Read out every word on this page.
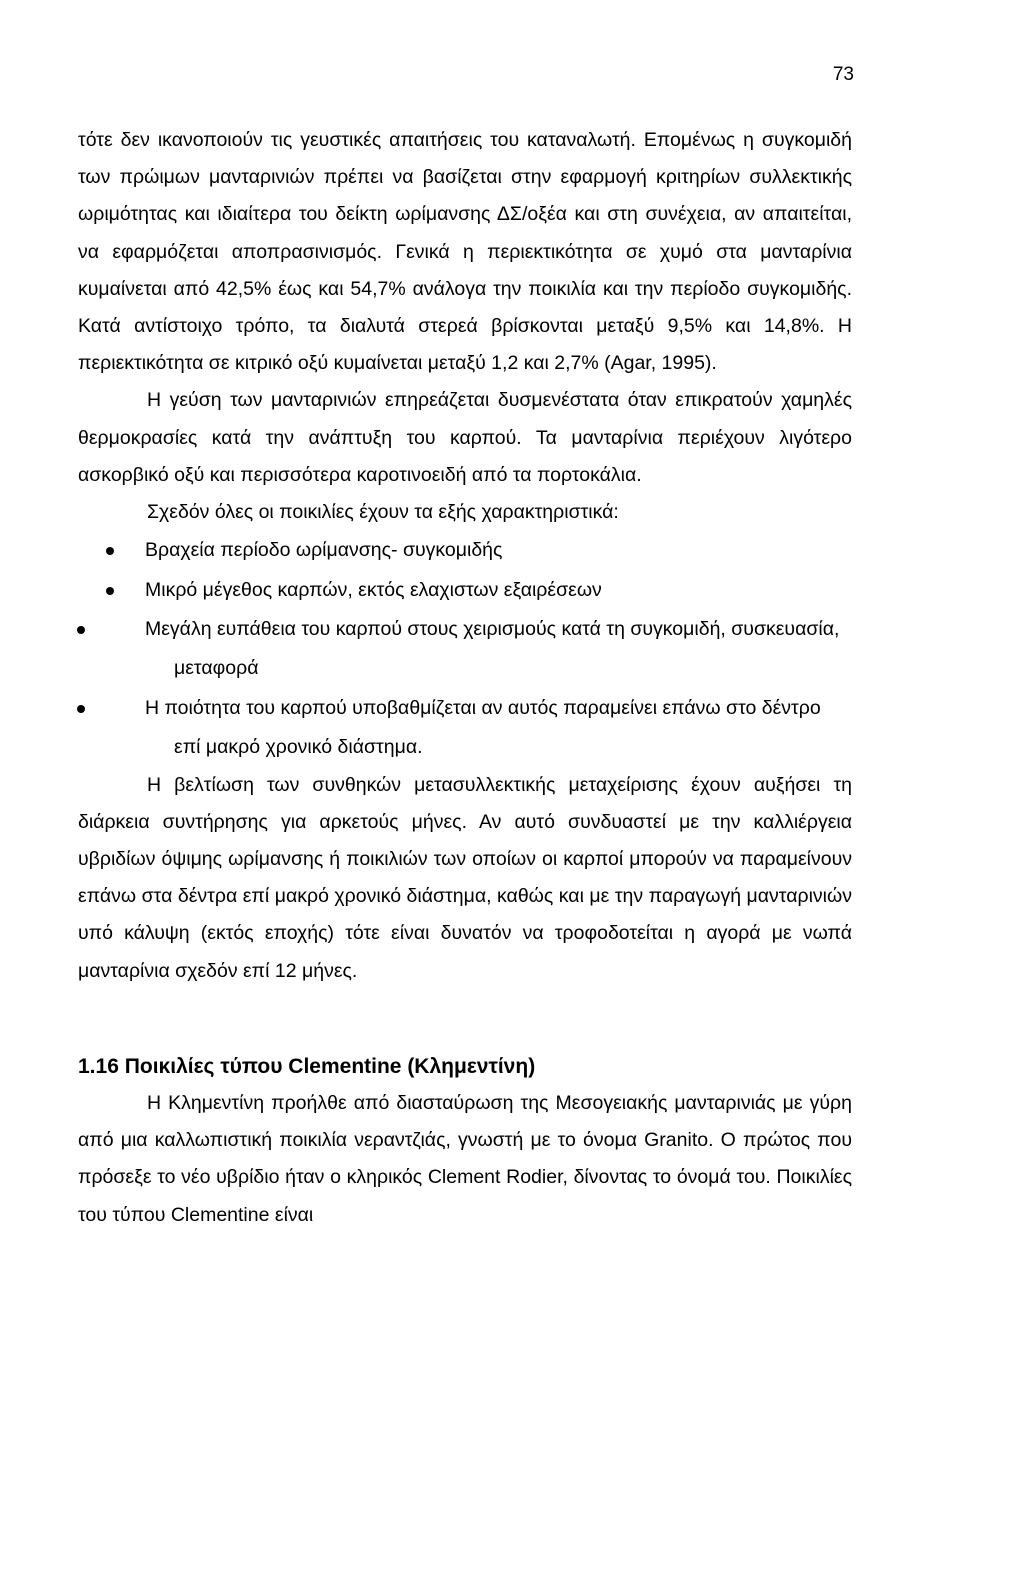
73

τότε δεν ικανοποιούν τις γευστικές απαιτήσεις του καταναλωτή. Επομένως η συγκομιδή των πρώιμων μανταρινιών πρέπει να βασίζεται στην εφαρμογή κριτηρίων συλλεκτικής ωριμότητας και ιδιαίτερα του δείκτη ωρίμανσης ΔΣ/οξέα και στη συνέχεια, αν απαιτείται, να εφαρμόζεται αποπρασινισμός. Γενικά η περιεκτικότητα σε χυμό στα μανταρίνια κυμαίνεται από 42,5% έως και 54,7% ανάλογα την ποικιλία και την περίοδο συγκομιδής. Κατά αντίστοιχο τρόπο, τα διαλυτά στερεά βρίσκονται μεταξύ 9,5% και 14,8%. Η περιεκτικότητα σε κιτρικό οξύ κυμαίνεται μεταξύ 1,2 και 2,7% (Agar, 1995).

Η γεύση των μανταρινιών επηρεάζεται δυσμενέστατα όταν επικρατούν χαμηλές θερμοκρασίες κατά την ανάπτυξη του καρπού. Τα μανταρίνια περιέχουν λιγότερο ασκορβικό οξύ και περισσότερα καροτινοειδή από τα πορτοκάλια.

Σχεδόν όλες οι ποικιλίες έχουν τα εξής χαρακτηριστικά:

Βραχεία περίοδο ωρίμανσης- συγκομιδής
Μικρό μέγεθος καρπών, εκτός ελαχιστων εξαιρέσεων
Μεγάλη ευπάθεια του καρπού στους χειρισμούς κατά τη συγκομιδή, συσκευασία, μεταφορά
Η ποιότητα του καρπού υποβαθμίζεται αν αυτός παραμείνει επάνω στο δέντρο επί μακρό χρονικό διάστημα.

Η βελτίωση των συνθηκών μετασυλλεκτικής μεταχείρισης έχουν αυξήσει τη διάρκεια συντήρησης για αρκετούς μήνες. Αν αυτό συνδυαστεί με την καλλιέργεια υβριδίων όψιμης ωρίμανσης ή ποικιλιών των οποίων οι καρποί μπορούν να παραμείνουν επάνω στα δέντρα επί μακρό χρονικό διάστημα, καθώς και με την παραγωγή μανταρινιών υπό κάλυψη (εκτός εποχής) τότε είναι δυνατόν να τροφοδοτείται η αγορά με νωπά μανταρίνια σχεδόν επί 12 μήνες.

1.16 Ποικιλίες τύπου Clementine (Κλημεντίνη)

Η Κλημεντίνη προήλθε από διασταύρωση της Μεσογειακής μανταρινιάς με γύρη από μια καλλωπιστική ποικιλία νεραντζιάς, γνωστή με το όνομα Granito. Ο πρώτος που πρόσεξε το νέο υβρίδιο ήταν ο κληρικός Clement Rodier, δίνοντας το όνομά του. Ποικιλίες του τύπου Clementine είναι
